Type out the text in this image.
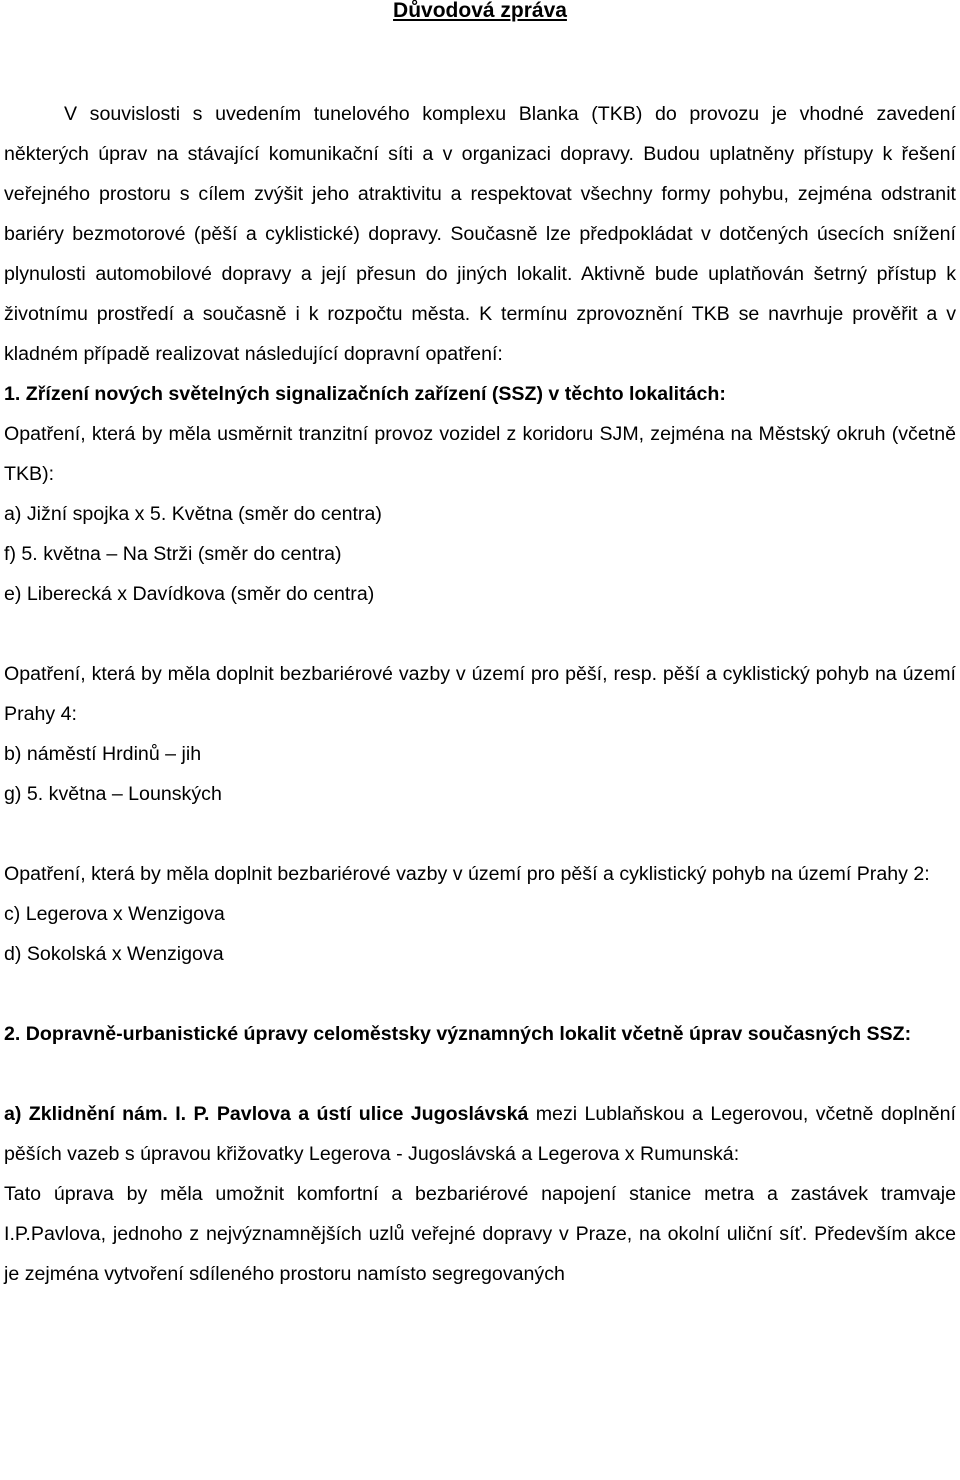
Důvodová zpráva

V souvislosti s uvedením tunelového komplexu Blanka (TKB) do provozu je vhodné zavedení některých úprav na stávající komunikační síti a v organizaci dopravy. Budou uplatněny přístupy k řešení veřejného prostoru s cílem zvýšit jeho atraktivitu a respektovat všechny formy pohybu, zejména odstranit bariéry bezmotorové (pěší a cyklistické) dopravy. Současně lze předpokládat v dotčených úsecích snížení plynulosti automobilové dopravy a její přesun do jiných lokalit. Aktivně bude uplatňován šetrný přístup k životnímu prostředí a současně i k rozpočtu města. K termínu zprovoznění TKB se navrhuje prověřit a v kladném případě realizovat následující dopravní opatření:

1. Zřízení nových světelných signalizačních zařízení (SSZ) v těchto lokalitách:

Opatření, která by měla usměrnit tranzitní provoz vozidel z koridoru SJM, zejména na Městský okruh (včetně TKB):

a) Jižní spojka x 5. Května (směr do centra)

f) 5. května – Na Strži (směr do centra)

e) Liberecká x Davídkova (směr do centra)

Opatření, která by měla doplnit bezbariérové vazby v území pro pěší, resp. pěší a cyklistický pohyb na území Prahy 4:

b) náměstí Hrdinů – jih

g) 5. května – Lounských

Opatření, která by měla doplnit bezbariérové vazby v území pro pěší a cyklistický pohyb na území Prahy 2:

c) Legerova x Wenzigova

d) Sokolská x Wenzigova

2. Dopravně-urbanistické úpravy celoměstsky významných lokalit včetně úprav současných SSZ:

a) Zklidnění nám. I. P. Pavlova a ústí ulice Jugoslávská mezi Lublaňskou a Legerovou, včetně doplnění pěších vazeb s úpravou křižovatky Legerova - Jugoslávská a Legerova x Rumunská:

Tato úprava by měla umožnit komfortní a bezbariérové napojení stanice metra a zastávek tramvaje I.P.Pavlova, jednoho z nejvýznamnějších uzlů veřejné dopravy v Praze, na okolní uliční síť. Především akce je zejména vytvoření sdíleného prostoru namísto segregovaných
